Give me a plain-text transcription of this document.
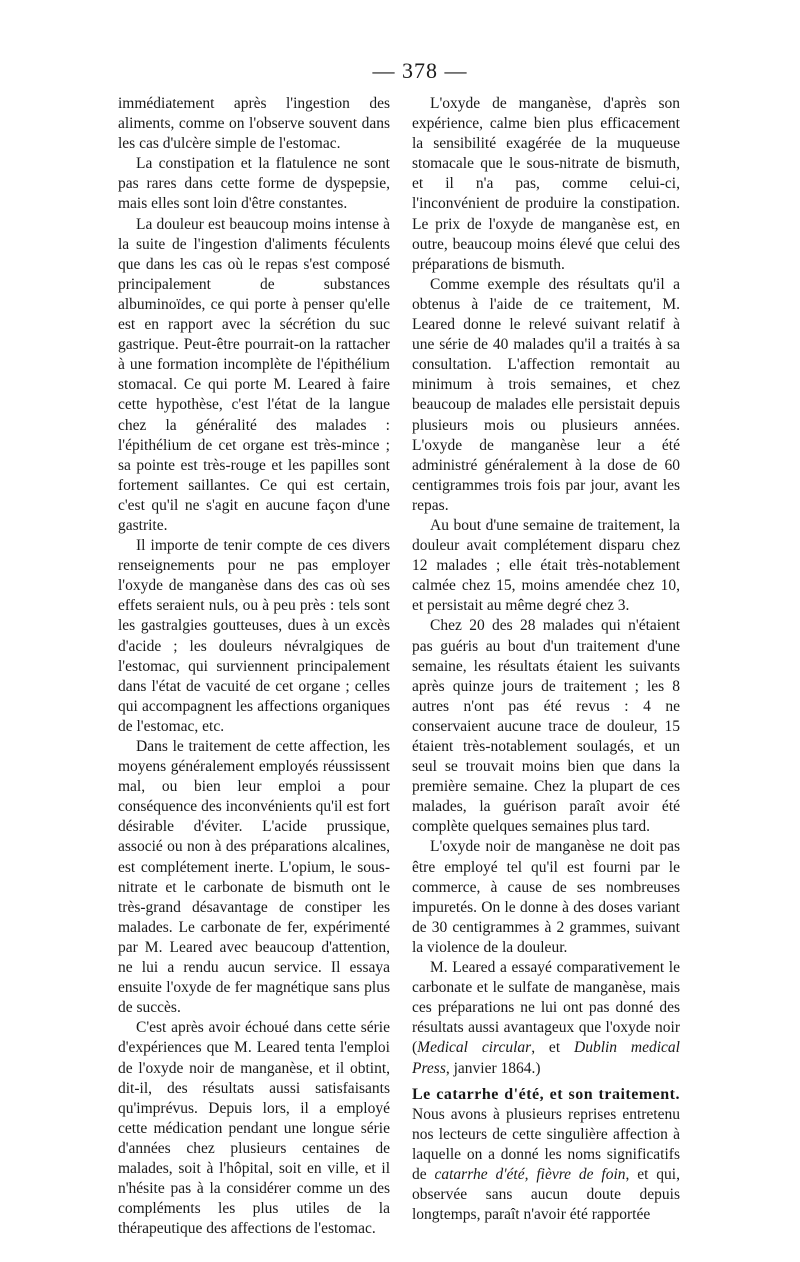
— 378 —

immédiatement après l'ingestion des aliments, comme on l'observe souvent dans les cas d'ulcère simple de l'estomac.

La constipation et la flatulence ne sont pas rares dans cette forme de dyspepsie, mais elles sont loin d'être constantes.

La douleur est beaucoup moins intense à la suite de l'ingestion d'aliments féculents que dans les cas où le repas s'est composé principalement de substances albuminoïdes, ce qui porte à penser qu'elle est en rapport avec la sécrétion du suc gastrique. Peut-être pourrait-on la rattacher à une formation incomplète de l'épithélium stomacal. Ce qui porte M. Leared à faire cette hypothèse, c'est l'état de la langue chez la généralité des malades : l'épithélium de cet organe est très-mince ; sa pointe est très-rouge et les papilles sont fortement saillantes. Ce qui est certain, c'est qu'il ne s'agit en aucune façon d'une gastrite.

Il importe de tenir compte de ces divers renseignements pour ne pas employer l'oxyde de manganèse dans des cas où ses effets seraient nuls, ou à peu près : tels sont les gastralgies goutteuses, dues à un excès d'acide ; les douleurs névralgiques de l'estomac, qui surviennent principalement dans l'état de vacuité de cet organe ; celles qui accompagnent les affections organiques de l'estomac, etc.

Dans le traitement de cette affection, les moyens généralement employés réussissent mal, ou bien leur emploi a pour conséquence des inconvénients qu'il est fort désirable d'éviter. L'acide prussique, associé ou non à des préparations alcalines, est complétement inerte. L'opium, le sous-nitrate et le carbonate de bismuth ont le très-grand désavantage de constiper les malades. Le carbonate de fer, expérimenté par M. Leared avec beaucoup d'attention, ne lui a rendu aucun service. Il essaya ensuite l'oxyde de fer magnétique sans plus de succès.

C'est après avoir échoué dans cette série d'expériences que M. Leared tenta l'emploi de l'oxyde noir de manganèse, et il obtint, dit-il, des résultats aussi satisfaisants qu'imprévus. Depuis lors, il a employé cette médication pendant une longue série d'années chez plusieurs centaines de malades, soit à l'hôpital, soit en ville, et il n'hésite pas à la considérer comme un des compléments les plus utiles de la thérapeutique des affections de l'estomac.

L'oxyde de manganèse, d'après son expérience, calme bien plus efficacement la sensibilité exagérée de la muqueuse stomacale que le sous-nitrate de bismuth, et il n'a pas, comme celui-ci, l'inconvénient de produire la constipation. Le prix de l'oxyde de manganèse est, en outre, beaucoup moins élevé que celui des préparations de bismuth.

Comme exemple des résultats qu'il a obtenus à l'aide de ce traitement, M. Leared donne le relevé suivant relatif à une série de 40 malades qu'il a traités à sa consultation. L'affection remontait au minimum à trois semaines, et chez beaucoup de malades elle persistait depuis plusieurs mois ou plusieurs années. L'oxyde de manganèse leur a été administré généralement à la dose de 60 centigrammes trois fois par jour, avant les repas.

Au bout d'une semaine de traitement, la douleur avait complétement disparu chez 12 malades ; elle était très-notablement calmée chez 15, moins amendée chez 10, et persistait au même degré chez 3.

Chez 20 des 28 malades qui n'étaient pas guéris au bout d'un traitement d'une semaine, les résultats étaient les suivants après quinze jours de traitement ; les 8 autres n'ont pas été revus : 4 ne conservaient aucune trace de douleur, 15 étaient très-notablement soulagés, et un seul se trouvait moins bien que dans la première semaine. Chez la plupart de ces malades, la guérison paraît avoir été complète quelques semaines plus tard.

L'oxyde noir de manganèse ne doit pas être employé tel qu'il est fourni par le commerce, à cause de ses nombreuses impuretés. On le donne à des doses variant de 30 centigrammes à 2 grammes, suivant la violence de la douleur.

M. Leared a essayé comparativement le carbonate et le sulfate de manganèse, mais ces préparations ne lui ont pas donné des résultats aussi avantageux que l'oxyde noir (Medical circular, et Dublin medical Press, janvier 1864.)

Le catarrhe d'été, et son traitement. Nous avons à plusieurs reprises entretenu nos lecteurs de cette singulière affection à laquelle on a donné les noms significatifs de catarrhe d'été, fièvre de foin, et qui, observée sans aucun doute depuis longtemps, paraît n'avoir été rapportée
